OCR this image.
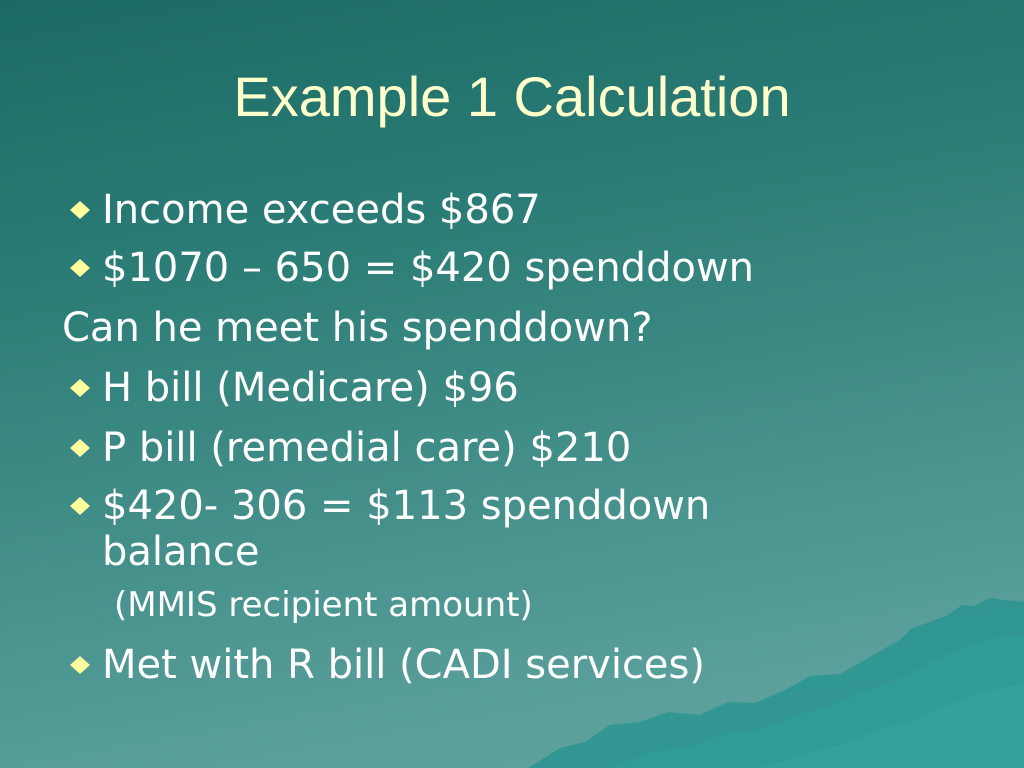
Example 1 Calculation
Income exceeds $867
$1070 – 650 = $420 spenddown
Can he meet his spenddown?
H bill (Medicare) $96
P bill (remedial care) $210
$420- 306 = $113 spenddown balance
(MMIS recipient amount)
Met with R bill (CADI services)
